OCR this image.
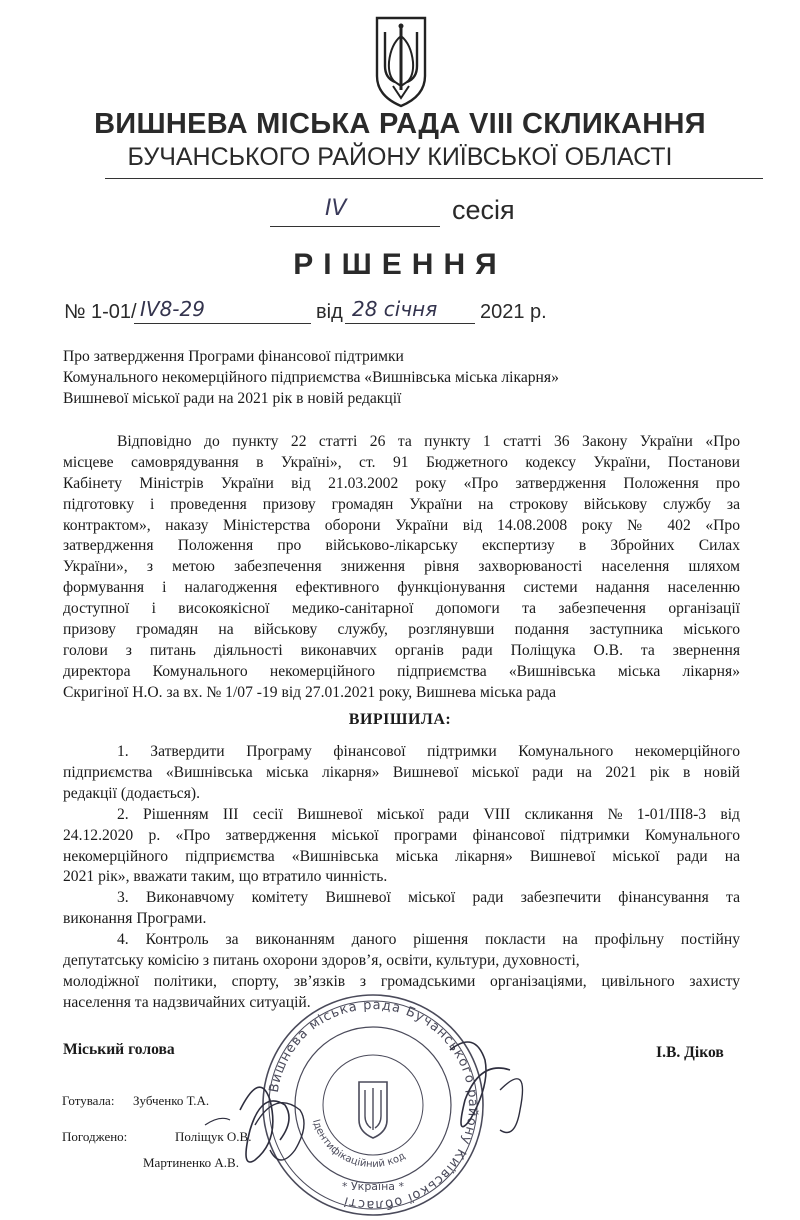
ВИШНЕВА МІСЬКА РАДА VIII СКЛИКАННЯ
БУЧАНСЬКОГО РАЙОНУ КИЇВСЬКОЇ ОБЛАСТІ
IV	сесія
РІШЕННЯ
№ 1-01/ IV8-29	від 28 січня 2021 р.
Про затвердження Програми фінансової підтримки
Комунального некомерційного підприємства «Вишнівська міська лікарня»
Вишневої міської ради на 2021 рік в новій редакції
Відповідно до пункту 22 статті 26 та пункту 1 статті 36 Закону України «Про
місцеве самоврядування в Україні», ст. 91 Бюджетного кодексу України, Постанови
Кабінету Міністрів України від 21.03.2002 року «Про затвердження Положення про
підготовку і проведення призову громадян України на строкову військову службу за
контрактом», наказу Міністерства оборони України від 14.08.2008 року № 402 «Про
затвердження Положення про військово-лікарську експертизу в Збройних Силах
України», з метою забезпечення зниження рівня захворюваності населення шляхом
формування і налагодження ефективного функціонування системи надання населенню
доступної і високоякісної медико-санітарної допомоги та забезпечення організації
призову громадян на військову службу, розглянувши подання заступника міського
голови з питань діяльності виконавчих органів ради Поліщука О.В. та звернення
директора Комунального некомерційного підприємства «Вишнівська міська лікарня»
Скригіної Н.О. за вх. № 1/07 -19 від 27.01.2021 року, Вишнева міська рада
ВИРІШИЛА:
1. Затвердити Програму фінансової підтримки Комунального некомерційного
підприємства «Вишнівська міська лікарня» Вишневої міської ради на 2021 рік в новій
редакції (додається).
2. Рішенням ІІІ сесії Вишневої міської ради VIII скликання № 1-01/ІІІ8-3 від
24.12.2020 р. «Про затвердження міської програми фінансової підтримки Комунального
некомерційного підприємства «Вишнівська міська лікарня» Вишневої міської ради на
2021 рік», вважати таким, що втратило чинність.
3. Виконавчому комітету Вишневої міської ради забезпечити фінансування та
виконання Програми.
4. Контроль за виконанням даного рішення покласти на профільну постійну
депутатську комісію з питань охорони здоров’я, освіти, культури, духовності,
молодіжної політики, спорту, зв’язків з громадськими організаціями, цивільного захисту
населення та надзвичайних ситуацій.
Міський голова	І.В. Діков
Готувала: Зубченко Т.А.
Погоджено:	Поліщук О.В.
Мартиненко А.В.
Вишнева міська рада Бучанського району Київської області
Ідентифікаційний код
* Україна *
